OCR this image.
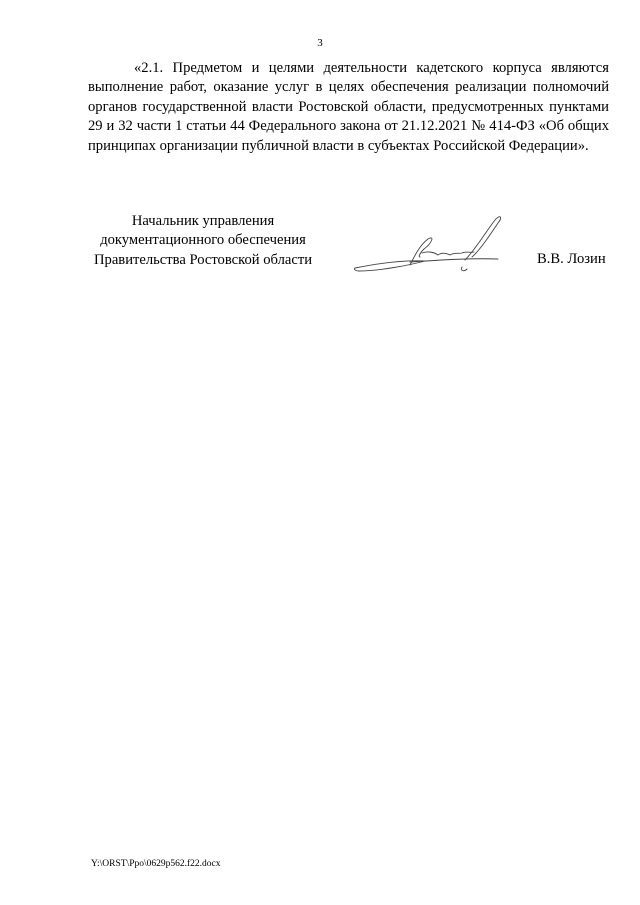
3

«2.1. Предметом и целями деятельности кадетского корпуса являются выполнение работ, оказание услуг в целях обеспечения реализации полномочий органов государственной власти Ростовской области, предусмотренных пунктами 29 и 32 части 1 статьи 44 Федерального закона от 21.12.2021 № 414-ФЗ «Об общих принципах организации публичной власти в субъектах Российской Федерации».

Начальник управления
документационного обеспечения
Правительства Ростовской области	В.В. Лозин
Y:\ORST\Ppo\0629p562.f22.docx
